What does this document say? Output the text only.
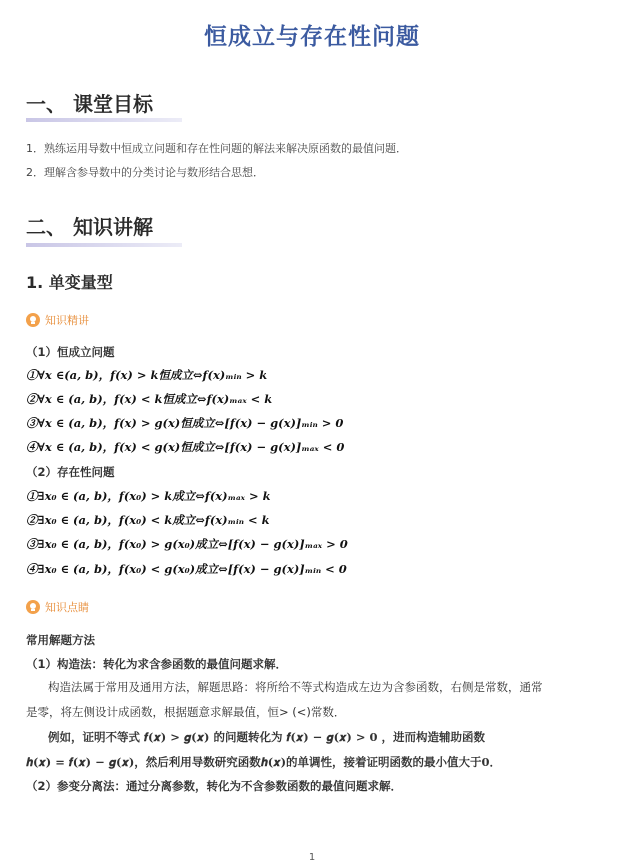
恒成立与存在性问题
一、 课堂目标
1．熟练运用导数中恒成立问题和存在性问题的解法来解决原函数的最值问题．
2．理解含参导数中的分类讨论与数形结合思想．
二、 知识讲解
1. 单变量型
知识精讲
（1）恒成立问题
①∀𝒙 ∈(𝒂, 𝒃)，𝒇(𝒙) > 𝒌恒成立⇔𝒇(𝒙)ₘᵢₙ > 𝒌
②∀𝒙 ∈ (𝒂, 𝒃)，𝒇(𝒙) < 𝒌恒成立⇔𝒇(𝒙)ₘₐₓ < 𝒌
③∀𝒙 ∈ (𝒂, 𝒃)，𝒇(𝒙) > 𝒈(𝒙)恒成立⇔[𝒇(𝒙) − 𝒈(𝒙)]ₘᵢₙ > 0
④∀𝒙 ∈ (𝒂, 𝒃)，𝒇(𝒙) < 𝒈(𝒙)恒成立⇔[𝒇(𝒙) − 𝒈(𝒙)]ₘₐₓ < 0
（2）存在性问题
①∃𝒙₀ ∈ (𝒂, 𝒃)，𝒇(𝒙₀) > 𝒌成立⇔𝒇(𝒙)ₘₐₓ > 𝒌
②∃𝒙₀ ∈ (𝒂, 𝒃)，𝒇(𝒙₀) < 𝒌成立⇔𝒇(𝒙)ₘᵢₙ < 𝒌
③∃𝒙₀ ∈ (𝒂, 𝒃)，𝒇(𝒙₀) > 𝒈(𝒙₀)成立⇔[𝒇(𝒙) − 𝒈(𝒙)]ₘₐₓ > 0
④∃𝒙₀ ∈ (𝒂, 𝒃)，𝒇(𝒙₀) < 𝒈(𝒙₀)成立⇔[𝒇(𝒙) − 𝒈(𝒙)]ₘᵢₙ < 0
知识点睛
常用解题方法
（1）构造法：转化为求含参函数的最值问题求解．
构造法属于常用及通用方法，解题思路：将所给不等式构造成左边为含参函数，右侧是常数，通常
是零，将左侧设计成函数，根据题意求解最值，恒> (<)常数．
例如，证明不等式 𝒇(𝒙) > 𝒈(𝒙) 的问题转化为 𝒇(𝒙) − 𝒈(𝒙) > 𝟎 ，进而构造辅助函数
𝒉(𝒙) = 𝒇(𝒙) − 𝒈(𝒙)，然后利用导数研究函数𝒉(𝒙)的单调性，接着证明函数的最小值大于𝟎．
（2）参变分离法：通过分离参数，转化为不含参数函数的最值问题求解．
1
